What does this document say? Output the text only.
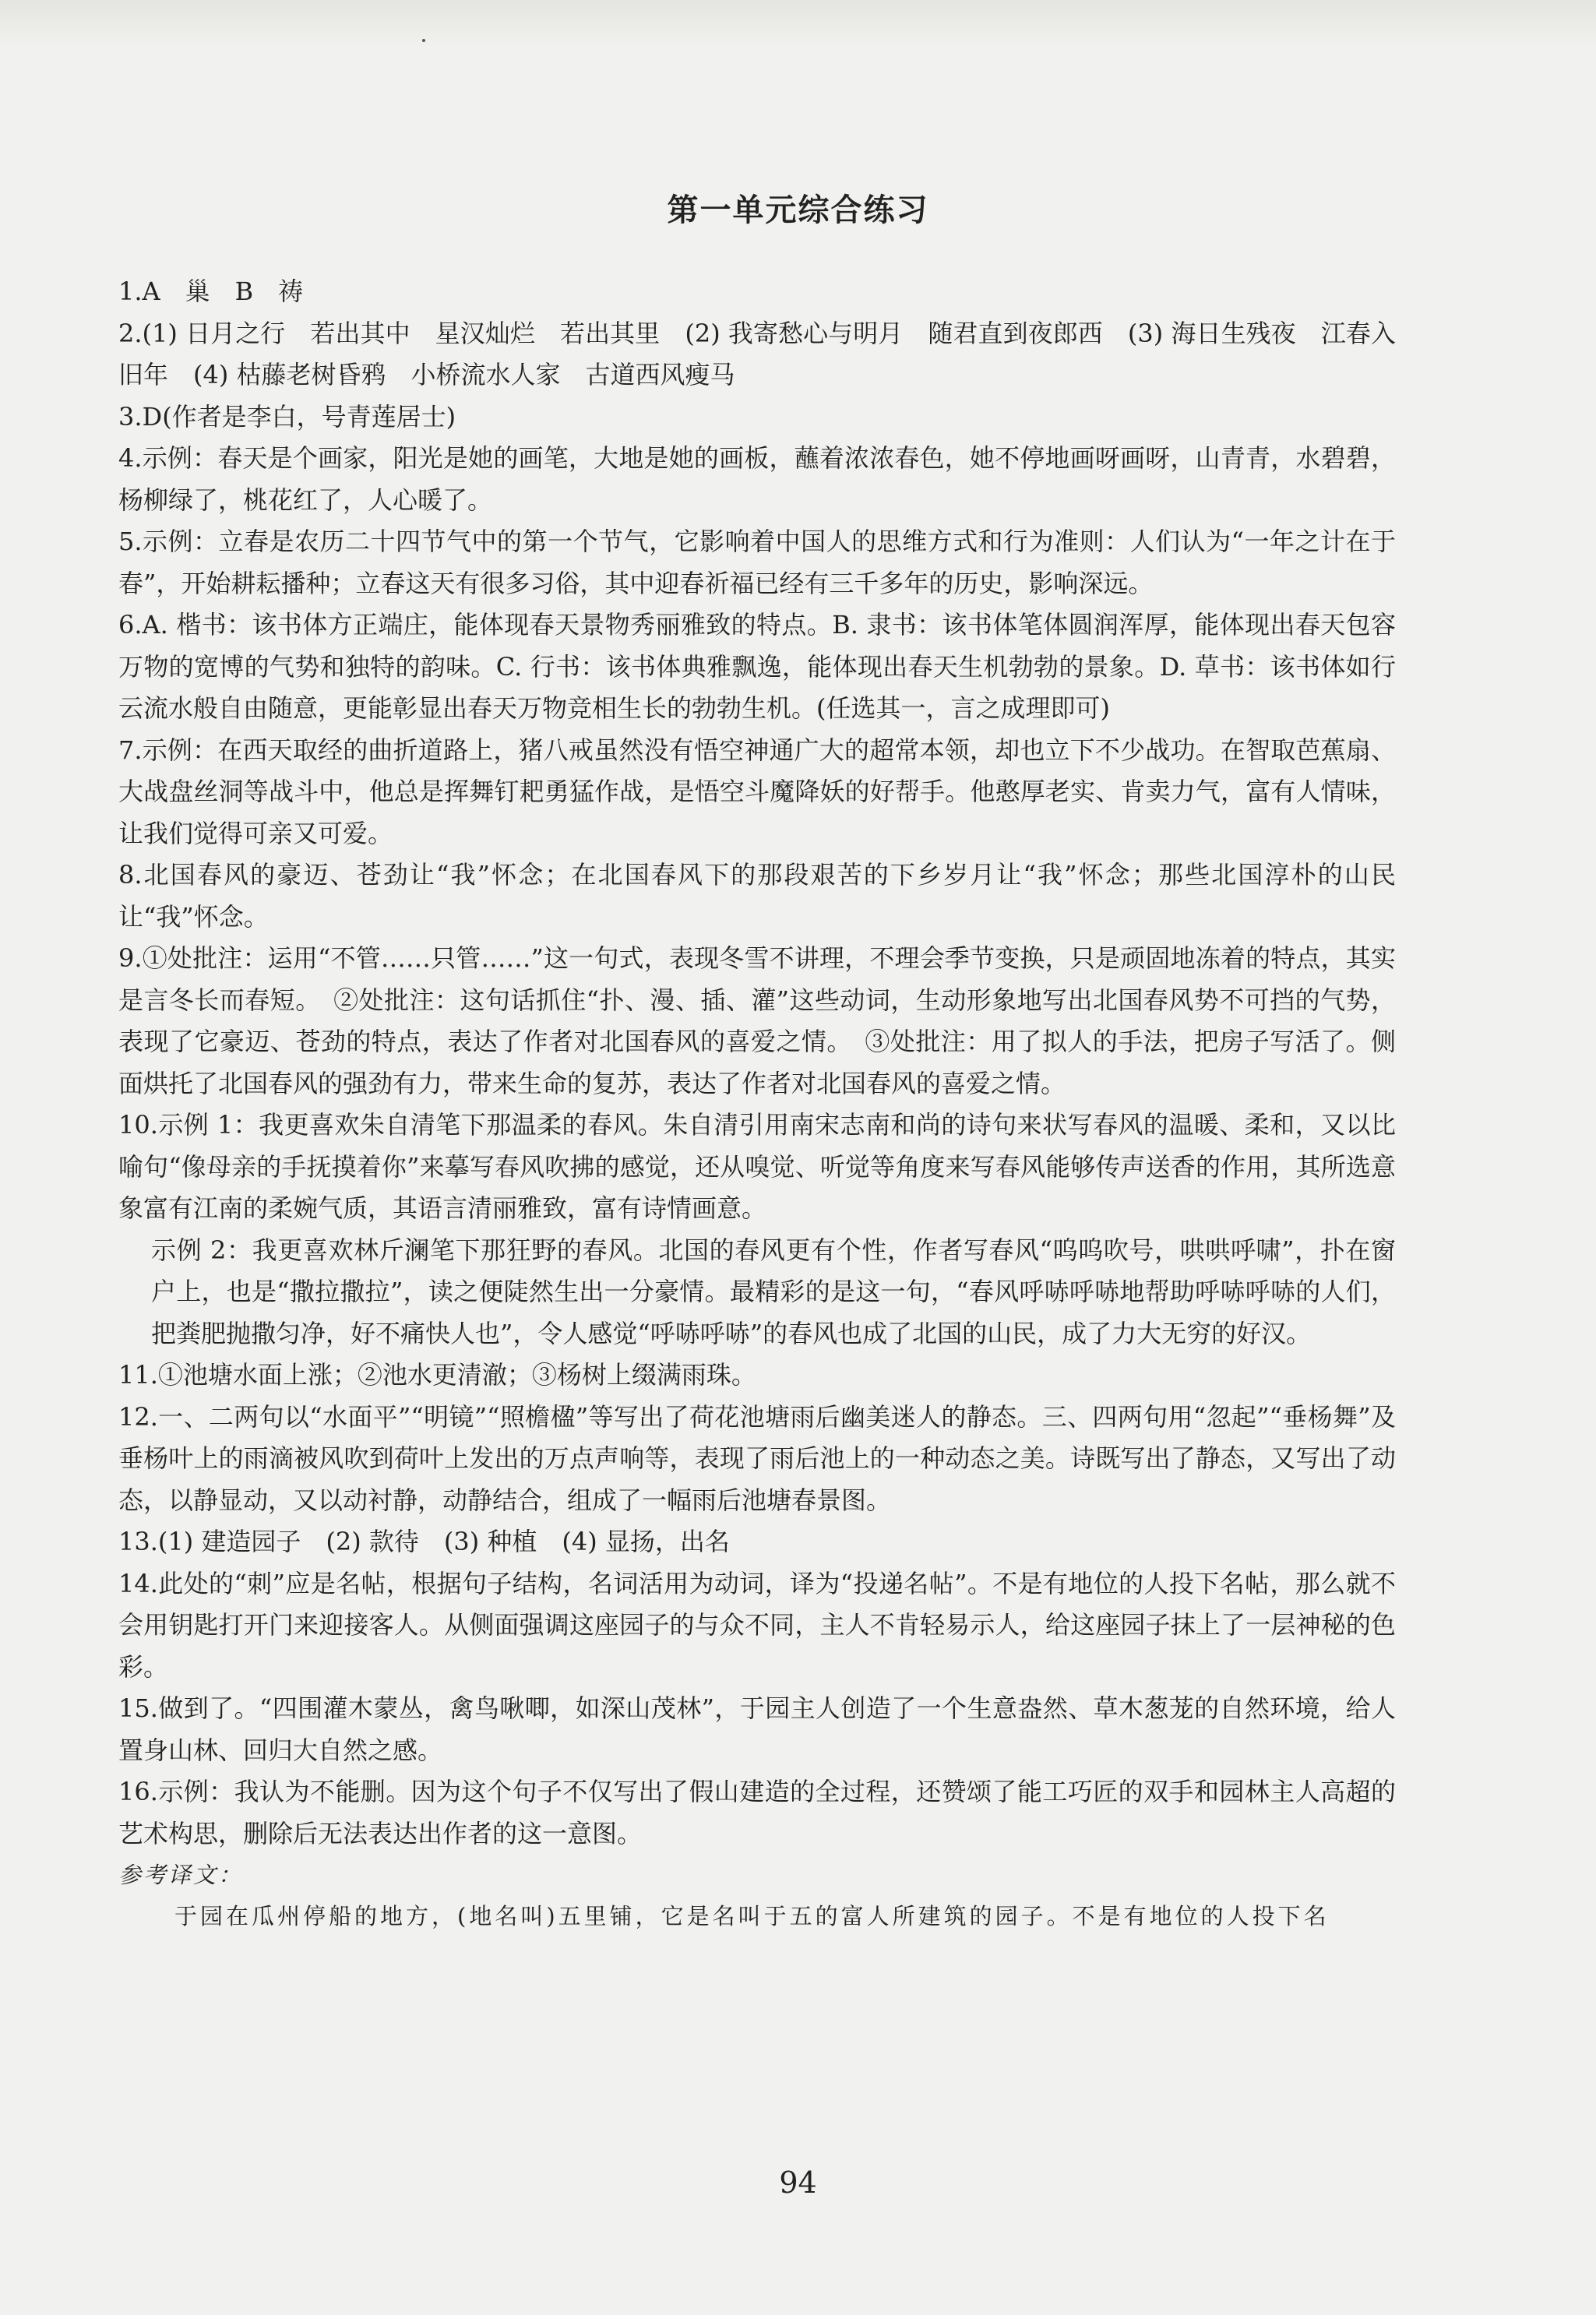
第一单元综合练习
1.A　巢　B　祷
2.(1) 日月之行　若出其中　星汉灿烂　若出其里　(2) 我寄愁心与明月　随君直到夜郎西　(3) 海日生残夜　江春入旧年　(4) 枯藤老树昏鸦　小桥流水人家　古道西风瘦马
3.D(作者是李白，号青莲居士)
4.示例：春天是个画家，阳光是她的画笔，大地是她的画板，蘸着浓浓春色，她不停地画呀画呀，山青青，水碧碧，杨柳绿了，桃花红了，人心暖了。
5.示例：立春是农历二十四节气中的第一个节气，它影响着中国人的思维方式和行为准则：人们认为“一年之计在于春”，开始耕耘播种；立春这天有很多习俗，其中迎春祈福已经有三千多年的历史，影响深远。
6.A. 楷书：该书体方正端庄，能体现春天景物秀丽雅致的特点。B. 隶书：该书体笔体圆润浑厚，能体现出春天包容万物的宽博的气势和独特的韵味。C. 行书：该书体典雅飘逸，能体现出春天生机勃勃的景象。D. 草书：该书体如行云流水般自由随意，更能彰显出春天万物竞相生长的勃勃生机。(任选其一，言之成理即可)
7.示例：在西天取经的曲折道路上，猪八戒虽然没有悟空神通广大的超常本领，却也立下不少战功。在智取芭蕉扇、大战盘丝洞等战斗中，他总是挥舞钉耙勇猛作战，是悟空斗魔降妖的好帮手。他憨厚老实、肯卖力气，富有人情味，让我们觉得可亲又可爱。
8.北国春风的豪迈、苍劲让“我”怀念；在北国春风下的那段艰苦的下乡岁月让“我”怀念；那些北国淳朴的山民让“我”怀念。
9.①处批注：运用“不管……只管……”这一句式，表现冬雪不讲理，不理会季节变换，只是顽固地冻着的特点，其实是言冬长而春短。　②处批注：这句话抓住“扑、漫、插、灌”这些动词，生动形象地写出北国春风势不可挡的气势，表现了它豪迈、苍劲的特点，表达了作者对北国春风的喜爱之情。　③处批注：用了拟人的手法，把房子写活了。侧面烘托了北国春风的强劲有力，带来生命的复苏，表达了作者对北国春风的喜爱之情。
10.示例 1：我更喜欢朱自清笔下那温柔的春风。朱自清引用南宋志南和尚的诗句来状写春风的温暖、柔和，又以比喻句“像母亲的手抚摸着你”来摹写春风吹拂的感觉，还从嗅觉、听觉等角度来写春风能够传声送香的作用，其所选意象富有江南的柔婉气质，其语言清丽雅致，富有诗情画意。
示例 2：我更喜欢林斤澜笔下那狂野的春风。北国的春风更有个性，作者写春风“呜呜吹号，哄哄呼啸”，扑在窗户上，也是“撒拉撒拉”，读之便陡然生出一分豪情。最精彩的是这一句，“春风呼哧呼哧地帮助呼哧呼哧的人们，把粪肥抛撒匀净，好不痛快人也”，令人感觉“呼哧呼哧”的春风也成了北国的山民，成了力大无穷的好汉。
11.①池塘水面上涨；②池水更清澈；③杨树上缀满雨珠。
12.一、二两句以“水面平”“明镜”“照檐楹”等写出了荷花池塘雨后幽美迷人的静态。三、四两句用“忽起”“垂杨舞”及垂杨叶上的雨滴被风吹到荷叶上发出的万点声响等，表现了雨后池上的一种动态之美。诗既写出了静态，又写出了动态，以静显动，又以动衬静，动静结合，组成了一幅雨后池塘春景图。
13.(1) 建造园子　(2) 款待　(3) 种植　(4) 显扬，出名
14.此处的“刺”应是名帖，根据句子结构，名词活用为动词，译为“投递名帖”。不是有地位的人投下名帖，那么就不会用钥匙打开门来迎接客人。从侧面强调这座园子的与众不同，主人不肯轻易示人，给这座园子抹上了一层神秘的色彩。
15.做到了。“四围灌木蒙丛，禽鸟啾唧，如深山茂林”，于园主人创造了一个生意盎然、草木葱茏的自然环境，给人置身山林、回归大自然之感。
16.示例：我认为不能删。因为这个句子不仅写出了假山建造的全过程，还赞颂了能工巧匠的双手和园林主人高超的艺术构思，删除后无法表达出作者的这一意图。
参考译文：
于园在瓜州停船的地方，(地名叫)五里铺，它是名叫于五的富人所建筑的园子。不是有地位的人投下名
94
